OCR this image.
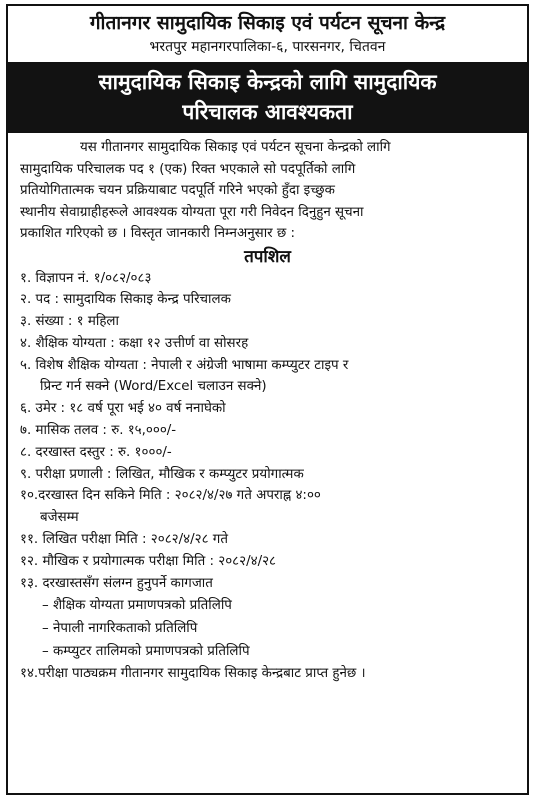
गीतानगर सामुदायिक सिकाइ एवं पर्यटन सूचना केन्द्र
भरतपुर महानगरपालिका-६, पारसनगर, चितवन
सामुदायिक सिकाइ केन्द्रको लागि सामुदायिक
परिचालक आवश्यकता
यस गीतानगर सामुदायिक सिकाइ एवं पर्यटन सूचना केन्द्रको लागि
सामुदायिक परिचालक पद १ (एक) रिक्त भएकाले सो पदपूर्तिको लागि
प्रतियोगितात्मक चयन प्रक्रियाबाट पदपूर्ति गरिने भएको हुँदा इच्छुक
स्थानीय सेवाग्राहीहरूले आवश्यक योग्यता पूरा गरी निवेदन दिनुहुन सूचना
प्रकाशित गरिएको छ । विस्तृत जानकारी निम्नअनुसार छ :
तपशिल
१. विज्ञापन नं. १/०८२/०८३
२. पद : सामुदायिक सिकाइ केन्द्र परिचालक
३. संख्या : १ महिला
४. शैक्षिक योग्यता : कक्षा १२ उत्तीर्ण वा सोसरह
५. विशेष शैक्षिक योग्यता : नेपाली र अंग्रेजी भाषामा कम्प्युटर टाइप र
प्रिन्ट गर्न सक्ने (Word/Excel चलाउन सक्ने)
६. उमेर : १८ वर्ष पूरा भई ४० वर्ष ननाघेको
७. मासिक तलव : रु. १५,०००/-
८. दरखास्त दस्तुर : रु. १०००/-
९. परीक्षा प्रणाली : लिखित, मौखिक र कम्प्युटर प्रयोगात्मक
१०.दरखास्त दिन सकिने मिति : २०८२/४/२७ गते अपराह्न ४:००
बजेसम्म
११. लिखित परीक्षा मिति : २०८२/४/२८ गते
१२. मौखिक र प्रयोगात्मक परीक्षा मिति : २०८२/४/२८
१३. दरखास्तसँग संलग्न हुनुपर्ने कागजात
– शैक्षिक योग्यता प्रमाणपत्रको प्रतिलिपि
– नेपाली नागरिकताको प्रतिलिपि
– कम्प्युटर तालिमको प्रमाणपत्रको प्रतिलिपि
१४.परीक्षा पाठ्यक्रम गीतानगर सामुदायिक सिकाइ केन्द्रबाट प्राप्त हुनेछ ।
